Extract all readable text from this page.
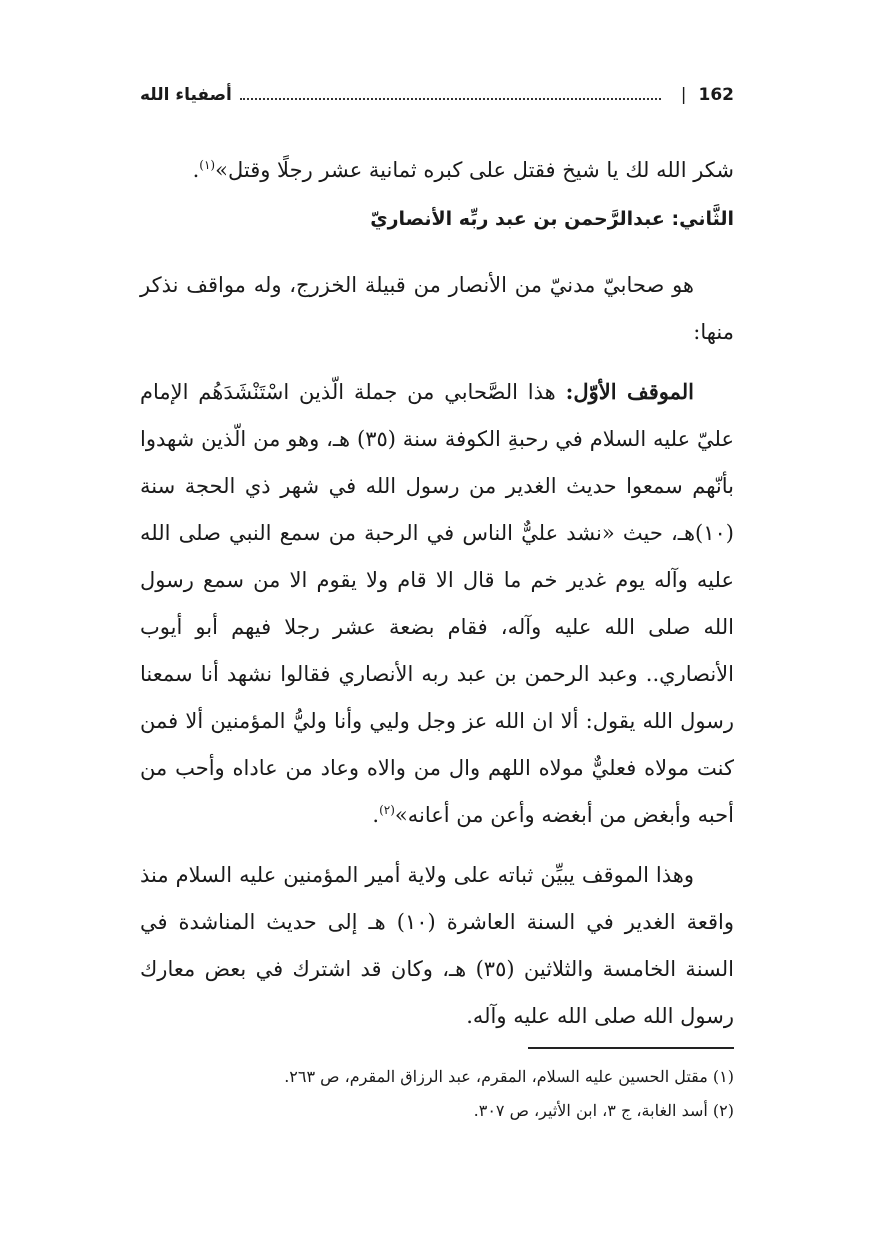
162
|
أصفياء الله

شكر الله لك يا شيخ فقتل على كبره ثمانية عشر رجلًا وقتل»$^{(١)}$.

الثَّاني: عبدالرَّحمن بن عبد ربِّه الأنصاريّ

هو صحابيّ مدنيّ من الأنصار من قبيلة الخزرج، وله مواقف نذكر منها:

الموقف الأوّل: هذا الصَّحابي من جملة الّذين اسْتَنْشَدَهُم الإمام عليّ عليه السلام في رحبةِ الكوفة سنة (٣٥) هـ، وهو من الّذين شهدوا بأنّهم سمعوا حديث الغدير من رسول الله في شهر ذي الحجة سنة (١٠)هـ، حيث «نشد عليٌّ الناس في الرحبة من سمع النبي صلى الله عليه وآله يوم غدير خم ما قال الا قام ولا يقوم الا من سمع رسول الله صلى الله عليه وآله، فقام بضعة عشر رجلا فيهم أبو أيوب الأنصاري.. وعبد الرحمن بن عبد ربه الأنصاري فقالوا نشهد أنا سمعنا رسول الله يقول: ألا ان الله عز وجل وليي وأنا وليُّ المؤمنين ألا فمن كنت مولاه فعليٌّ مولاه اللهم وال من والاه وعاد من عاداه وأحب من أحبه وأبغض من أبغضه وأعن من أعانه»$^{(٢)}$.

وهذا الموقف يبيِّن ثباته على ولاية أمير المؤمنين عليه السلام منذ واقعة الغدير في السنة العاشرة (١٠) هـ إلى حديث المناشدة في السنة الخامسة والثلاثين (٣٥) هـ، وكان قد اشترك في بعض معارك رسول الله صلى الله عليه وآله.

(١) مقتل الحسين عليه السلام، المقرم، عبد الرزاق المقرم، ص ٢٦٣.
(٢) أسد الغابة، ج ٣، ابن الأثير، ص ٣٠٧.
